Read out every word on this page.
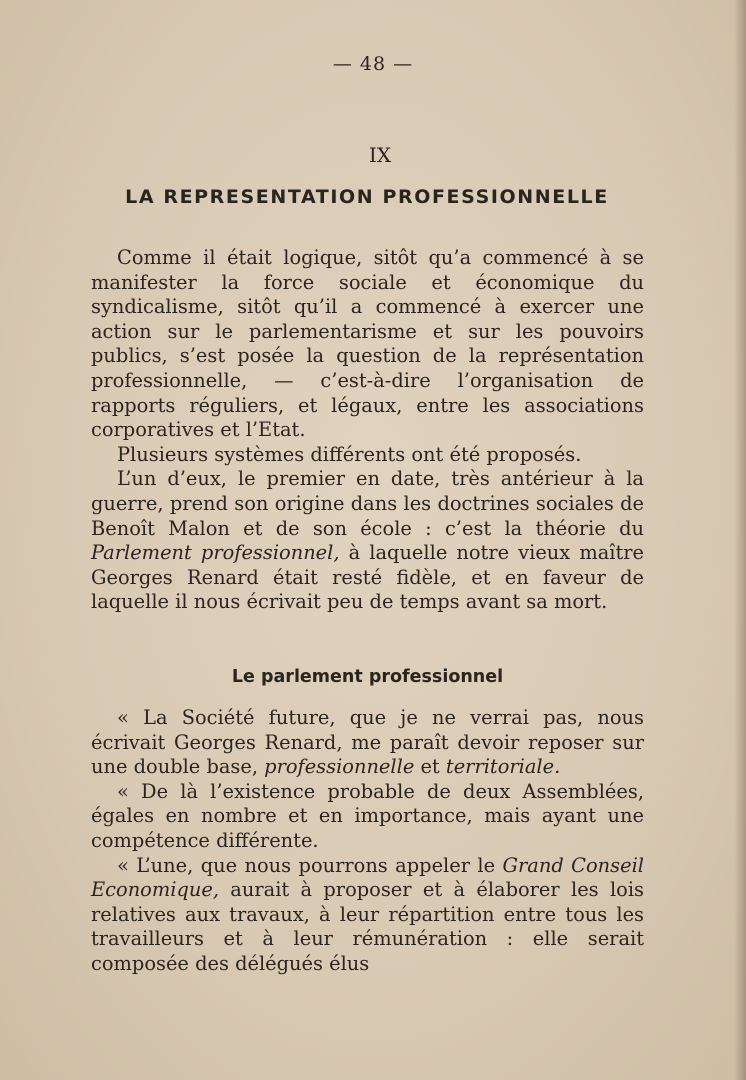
— 48 —
IX
LA REPRESENTATION PROFESSIONNELLE

Comme il était logique, sitôt qu’a commencé à se manifester la force sociale et économique du syndicalisme, sitôt qu’il a commencé à exercer une action sur le parlementarisme et sur les pouvoirs publics, s’est posée la question de la représentation professionnelle, — c’est-à-dire l’organisation de rapports réguliers, et légaux, entre les associations corporatives et l’Etat.

Plusieurs systèmes différents ont été proposés.

L’un d’eux, le premier en date, très antérieur à la guerre, prend son origine dans les doctrines sociales de Benoît Malon et de son école : c’est la théorie du Parlement professionnel, à laquelle notre vieux maître Georges Renard était resté fidèle, et en faveur de laquelle il nous écrivait peu de temps avant sa mort.

Le parlement professionnel

« La Société future, que je ne verrai pas, nous écrivait Georges Renard, me paraît devoir reposer sur une double base, professionnelle et territoriale.

« De là l’existence probable de deux Assemblées, égales en nombre et en importance, mais ayant une compétence différente.

« L’une, que nous pourrons appeler le Grand Conseil Economique, aurait à proposer et à élaborer les lois relatives aux travaux, à leur répartition entre tous les travailleurs et à leur rémunération : elle serait composée des délégués élus
